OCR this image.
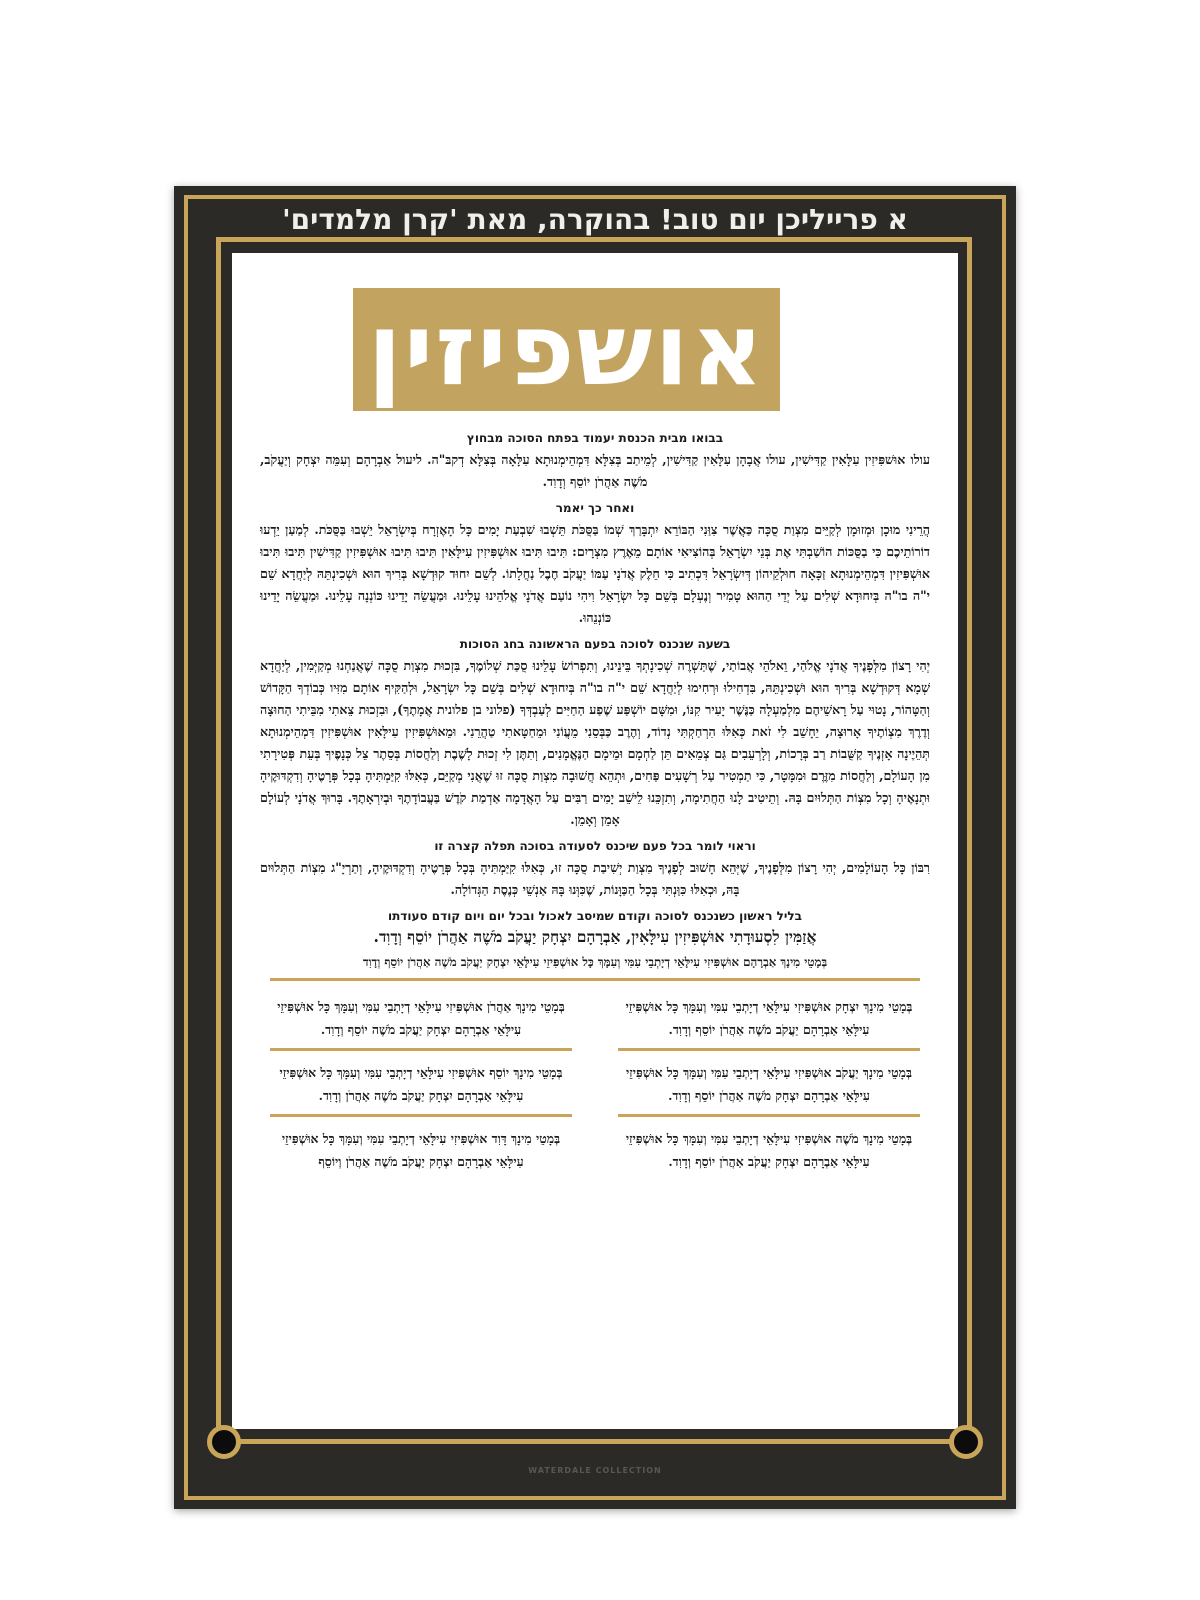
א פרייליכן יום טוב! בהוקרה, מאת 'קרן מלמדים'
אושפיזין
בבואו מבית הכנסת יעמוד בפתח הסוכה מבחוץ
עולו אוּשׁפִּיזִין עִלָּאִין קַדִּישִׁין, עולו אֲבָהָן עִלָּאִין קַדִּישִׁין, לְמֵיתַב בְּצִלָּא דִּמְהֵימְנוּתָא עִלָּאָה בְּצִלָּא דְקבּ"ה. ליעול אַבְרָהָם וְעִמֵּה יִצְחָק וְיַעֲקֹב, מֹשֶׁה אַהֲרֹן יוֹסֵף וְדָוִד.
ואחר כך יאמר
הֲרֵינִי מוּכָן וּמְזוּמָן לְקַיֵּים מִצְוַת סֻכָּה כַּאֲשֶׁר צִוַּנִי הַבּוֹרֵא יִתְבָּרַךְ שְׁמוֹ בַּסֻּכֹּת תֵּשְׁבוּ שִׁבְעַת יָמִים כָּל הָאֶזְרָח בְּיִשְׂרָאֵל יֵשְׁבוּ בַּסֻּכֹּת. לְמַעַן יֵדְעוּ דוֹרוֹתֵיכֶם כִּי בַסֻּכּוֹת הוֹשַׁבְתִּי אֶת בְּנֵי יִשְׂרָאֵל בְּהוֹצִיאִי אוֹתָם מֵאֶרֶץ מִצְרָיִם: תִּיבוּ תִּיבוּ אוּשְׁפִּיזִין עִילָּאִין תִּיבוּ תִּיבוּ אוּשְׁפִּיזִין קַדִּישִׁין תִּיבוּ תִּיבוּ אוּשְׁפִּיזִין דִּמְהֵימְנוּתָא זַכָּאָה חוּלְקֵיהוֹן דְּיִשְׂרָאֵל דִּכְתִיב כִּי חֵלֶק אֲדֹנָי עַמּוֹ יַעֲקֹב חֶבֶל נַחֲלָתוֹ. לְשֵׁם יִחוּד קוּדְשָׁא בְּרִיךְ הוּא וּשְׁכִינְתֵּהּ לְיַחֲדָא שֵׁם י"ה בו"ה בְּיִחוּדָא שְׁלִים עַל יְדֵי הַהוּא טָמִיר וְנֶעְלָם בְּשֵׁם כָּל יִשְׂרָאֵל וִיהִי נוֹעַם אֲדֹנָי אֱלֹהֵינוּ עָלֵינוּ. וּמַעֲשֵׂה יָדֵינוּ כּוֹנְנָה עָלֵינוּ. וּמַעֲשֵׂה יָדֵינוּ כּוֹנְנֵהוּ.
בשעה שנכנס לסוכה בפעם הראשונה בחג הסוכות
יְהִי רָצוֹן מִלְּפָנֶיךָ אֲדֹנָי אֱלֹהַי, וֵאלֹהֵי אֲבוֹתַי, שֶׁתַּשְׁרֶה שְׁכִינָתְךָ בֵּינֵינוּ, וְתִפְרוֹשׂ עָלֵינוּ סֻכַּת שְׁלוֹמֶךָ, בִּזְכוּת מִצְוַת סֻכָּה שֶׁאֲנַחְנוּ מְקַיְּמִין, לְיַחֲדָא שְׁמָא דְּקוּדְשָׁא בְּרִיךְ הוּא וּשְׁכִינְתֵּהּ, בִּדְחִילוּ וּרְחִימוּ לְיַחֲדָא שֵׁם י"ה בו"ה בְּיִחוּדָא שְׁלִים בְּשֵׁם כָּל יִשְׂרָאֵל, וּלְהַקִּיף אוֹתָם מִזִּיו כְּבוֹדְךָ הַקָּדוֹשׁ וְהַטָּהוֹר, נָטוּי עַל רָאשֵׁיהֶם מִלְמַעְלָה כַּנֶּשֶׁר יָעִיר קִנּוֹ, וּמִשָּׁם יוֹשְׁפַּע שֶׁפַע הַחַיִּים לְעַבְדְּךָ (פלוני בן פלונית אֲמָתֶךָ), וּבִזְכוּת צֵאתִי מִבֵּיתִי הַחוּצָה וְדֶרֶךְ מִצְוֹתֶיךָ אָרוּצָה, יֵחָשֵׁב לִי זֹאת כְּאִלּוּ הִרְחַקְתִּי נְדוֹד, וְהֶרֶב כַּבְּסֵנִי מֵעֲוֹנִי וּמֵחַטָּאתִי טַהֲרֵנִי. וּמֵאוּשְׁפִּיזִין עִילָּאִין אוּשְׁפִּיזִין דִּמְהֵימְנוּתָא תְּהֵיֶינָה אָזְנֶיךָ קַשֻּׁבוֹת רַב בְּרָכוֹת, וְלָרְעֵבִים גַּם צְמֵאִים תֵּן לַחְמָם וּמֵימָם הַנֶּאֱמָנִים, וְתִתֶּן לִי זְכוּת לָשֶׁבֶת וְלַחֲסוֹת בְּסֵתֶר צֵל כְּנָפֶיךָ בְּעֵת פְּטִירָתִי מִן הָעוֹלָם, וְלַחֲסוֹת מִזֶּרֶם וּמִמָּטָר, כִּי תַמְטִיר עַל רְשָׁעִים פַּחִים, וּתְהֵא חֲשׁוּבָה מִצְוַת סֻכָּה זוּ שֶׁאֲנִי מְקַיֵּם, כְּאִלּוּ קִיַּמְתִּיהָ בְּכָל פְּרָטֶיהָ וְדִקְדּוּקֶיהָ וּתְנָאֶיהָ וְכָל מִצְוֹת הַתְּלוּיִם בָּהּ. וְתֵיטִיב לָנוּ הַחֲתִימָה, וְתִזְכֵּנוּ לֵישֵׁב יָמִים רַבִּים עַל הָאֲדָמָה אַדְמַת קֹדֶשׁ בַּעֲבוֹדָתֶךָ וּבְיִרְאָתֶךָ. בָּרוּךְ אֲדֹנָי לְעוֹלָם אָמֵן וְאָמֵן.
וראוי לומר בכל פעם שיכנס לסעודה בסוכה תפלה קצרה זו
רִבּוֹן כָּל הָעוֹלָמִים, יְהִי רָצוֹן מִלְּפָנֶיךָ, שֶׁיְּהֵא חָשׁוּב לְפָנֶיךָ מִצְוַת יְשִׁיבַת סֻכָּה זוּ, כְּאִלּוּ קִיַּמְתִּיהָ בְּכָל פְּרָטֶיהָ וְדִקְדּוּקֶיהָ, וְתַרְיָ"ג מִצְוֹת הַתְּלוּיִם בָּהּ, וּכְאִלּוּ כִּוַּנְתִּי בְּכָל הַכַּוָּנוֹת, שֶׁכִּוְּנוּ בָּהּ אַנְשֵׁי כְּנֶסֶת הַגְּדוֹלָה.
בליל ראשון כשנכנס לסוכה וקודם שמיסב לאכול ובכל יום ויום קודם סעודתו
אֲזַמִּין לִסְעוּדָתִי אוּשְׁפִּיזִין עִילָּאִין, אַבְרָהָם יִצְחָק יַעֲקֹב מֹשֶׁה אַהֲרֹן יוֹסֵף וְדָוִד.
בְּמָטֵי מִינָךְ אַבְרָהָם אוּשְׁפִּיזִי עִילָּאֵי דְיָתְבֵי עִמִּי וְעִמָּךְ כָּל אוּשְׁפִּיזֵי עִילָּאֵי יִצְחָק יַעֲקֹב מֹשֶׁה אַהֲרֹן יוֹסֵף וְדָוִד
בְּמָטֵי מִינָךְ יִצְחָק אוּשְׁפִּיזִי עִילָּאֵי דְיָתְבֵי עִמִּי וְעִמָּךְ כָּל אוּשְׁפִּיזֵי עִילָּאֵי אַבְרָהָם יַעֲקֹב מֹשֶׁה אַהֲרֹן יוֹסֵף וְדָוִד.
בְּמָטֵי מִינָךְ אַהֲרֹן אוּשְׁפִּיזִי עִילָּאֵי דְיָתְבֵי עִמִּי וְעִמָּךְ כָּל אוּשְׁפִּיזֵי עִילָּאֵי אַבְרָהָם יִצְחָק יַעֲקֹב מֹשֶׁה יוֹסֵף וְדָוִד.
בְּמָטֵי מִינָךְ יַעֲקֹב אוּשְׁפִּיזִי עִילָּאֵי דְיָתְבֵי עִמִּי וְעִמָּךְ כָּל אוּשְׁפִּיזֵי עִילָּאֵי אַבְרָהָם יִצְחָק מֹשֶׁה אַהֲרֹן יוֹסֵף וְדָוִד.
בְּמָטֵי מִינָךְ יוֹסֵף אוּשְׁפִּיזִי עִילָּאֵי דְיָתְבֵי עִמִּי וְעִמָּךְ כָּל אוּשְׁפִּיזֵי עִילָּאֵי אַבְרָהָם יִצְחָק יַעֲקֹב מֹשֶׁה אַהֲרֹן וְדָוִד.
בְּמָטֵי מִינָךְ מֹשֶׁה אוּשְׁפִּיזִי עִילָּאֵי דְיָתְבֵי עִמִּי וְעִמָּךְ כָּל אוּשְׁפִּיזֵי עִילָּאֵי אַבְרָהָם יִצְחָק יַעֲקֹב אַהֲרֹן יוֹסֵף וְדָוִד.
בְּמָטֵי מִינָךְ דָּוִד אוּשְׁפִּיזִי עִילָּאֵי דְיָתְבֵי עִמִּי וְעִמָּךְ כָּל אוּשְׁפִּיזֵי עִילָּאֵי אַבְרָהָם יִצְחָק יַעֲקֹב מֹשֶׁה אַהֲרֹן וְיוֹסֵף
WATERDALE COLLECTION
